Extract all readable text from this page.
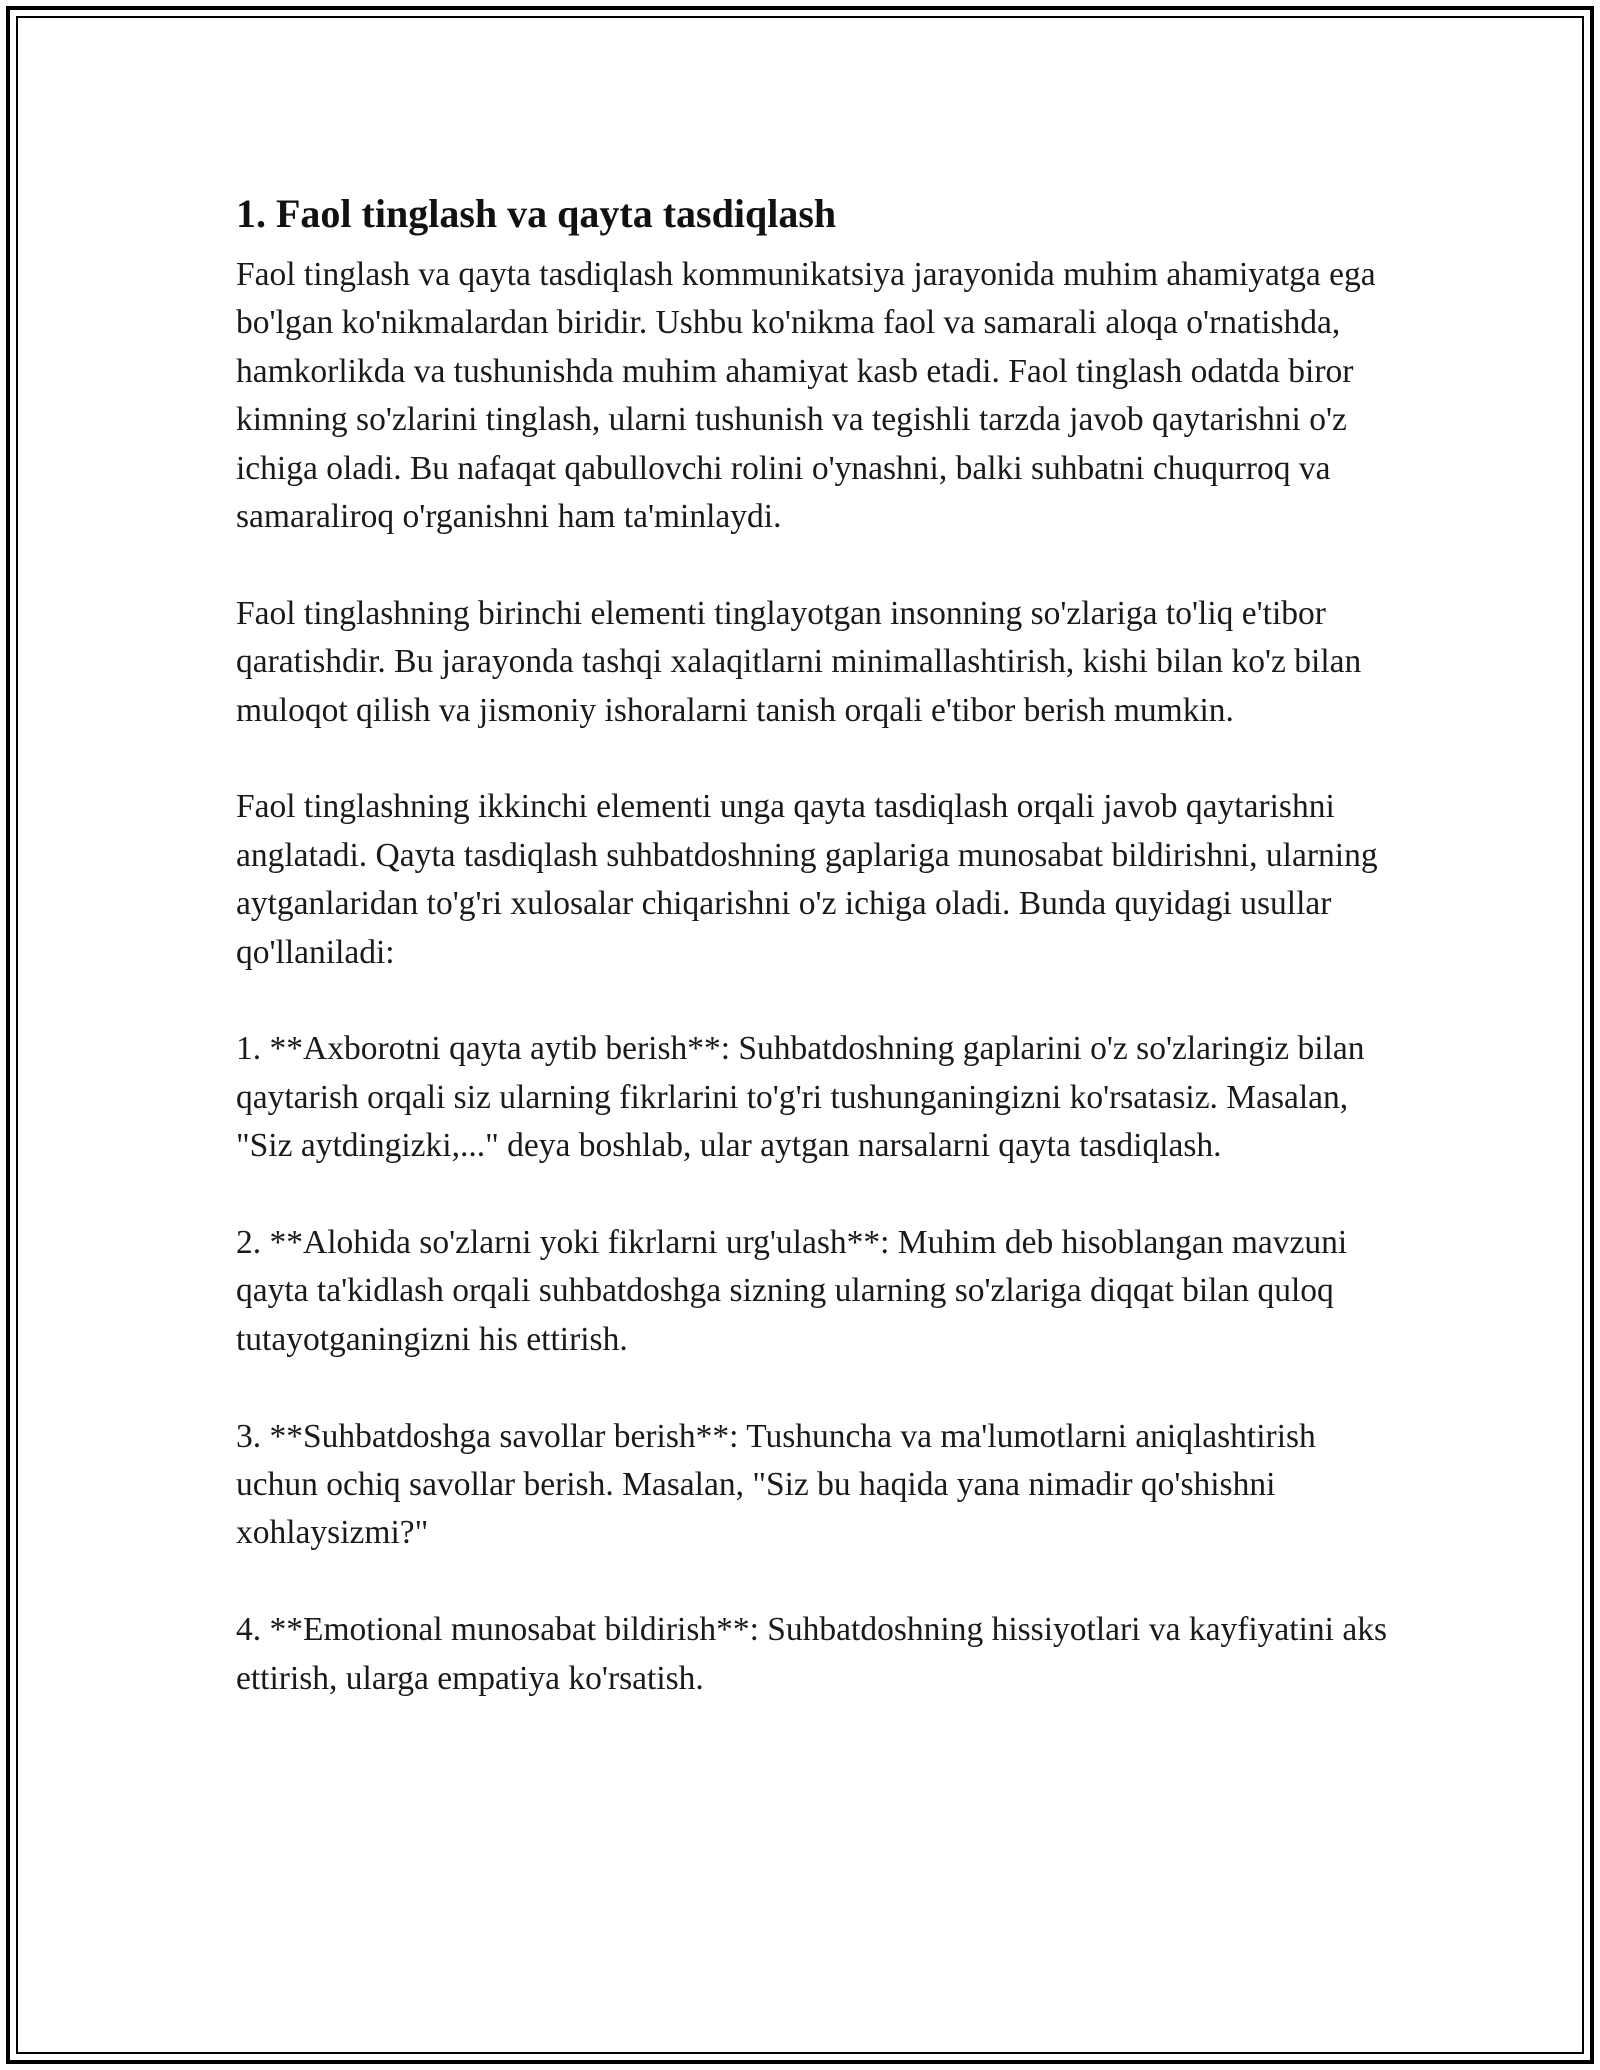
1. Faol tinglash va qayta tasdiqlash

Faol tinglash va qayta tasdiqlash kommunikatsiya jarayonida muhim ahamiyatga ega bo'lgan ko'nikmalardan biridir. Ushbu ko'nikma faol va samarali aloqa o'rnatishda, hamkorlikda va tushunishda muhim ahamiyat kasb etadi. Faol tinglash odatda biror kimning so'zlarini tinglash, ularni tushunish va tegishli tarzda javob qaytarishni o'z ichiga oladi. Bu nafaqat qabullovchi rolini o'ynashni, balki suhbatni chuqurroq va samaraliroq o'rganishni ham ta'minlaydi.

Faol tinglashning birinchi elementi tinglayotgan insonning so'zlariga to'liq e'tibor qaratishdir. Bu jarayonda tashqi xalaqitlarni minimallashtirish, kishi bilan ko'z bilan muloqot qilish va jismoniy ishoralarni tanish orqali e'tibor berish mumkin.

Faol tinglashning ikkinchi elementi unga qayta tasdiqlash orqali javob qaytarishni anglatadi. Qayta tasdiqlash suhbatdoshning gaplariga munosabat bildirishni, ularning aytganlaridan to'g'ri xulosalar chiqarishni o'z ichiga oladi. Bunda quyidagi usullar qo'llaniladi:

1. **Axborotni qayta aytib berish**: Suhbatdoshning gaplarini o'z so'zlaringiz bilan qaytarish orqali siz ularning fikrlarini to'g'ri tushunganingizni ko'rsatasiz. Masalan, "Siz aytdingizki,..." deya boshlab, ular aytgan narsalarni qayta tasdiqlash.

2. **Alohida so'zlarni yoki fikrlarni urg'ulash**: Muhim deb hisoblangan mavzuni qayta ta'kidlash orqali suhbatdoshga sizning ularning so'zlariga diqqat bilan quloq tutayotganingizni his ettirish.

3. **Suhbatdoshga savollar berish**: Tushuncha va ma'lumotlarni aniqlashtirish uchun ochiq savollar berish. Masalan, "Siz bu haqida yana nimadir qo'shishni xohlaysizmi?"

4. **Emotional munosabat bildirish**: Suhbatdoshning hissiyotlari va kayfiyatini aks ettirish, ularga empatiya ko'rsatish.
